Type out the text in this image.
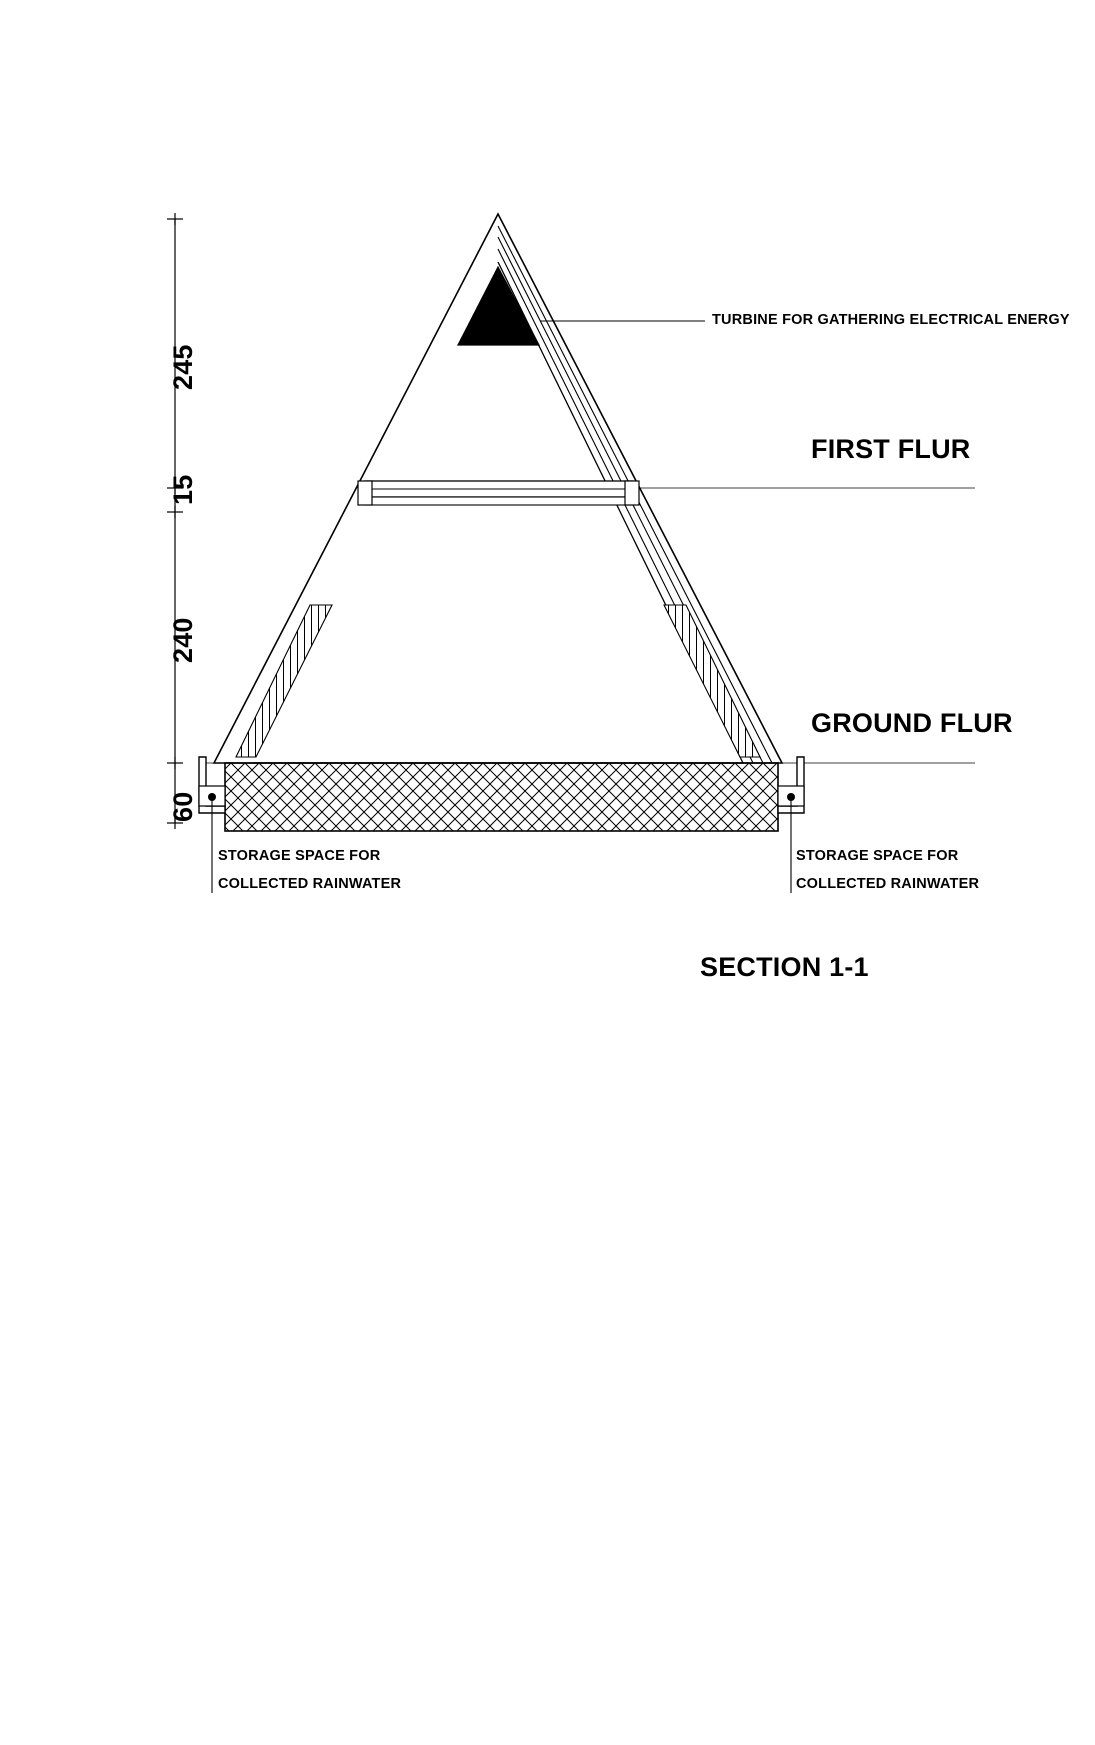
245
15
240
60
FIRST FLUR
GROUND FLUR
TURBINE FOR GATHERING ELECTRICAL ENERGY
STORAGE SPACE FOR
COLLECTED RAINWATER
STORAGE SPACE FOR
COLLECTED RAINWATER
SECTION 1-1
